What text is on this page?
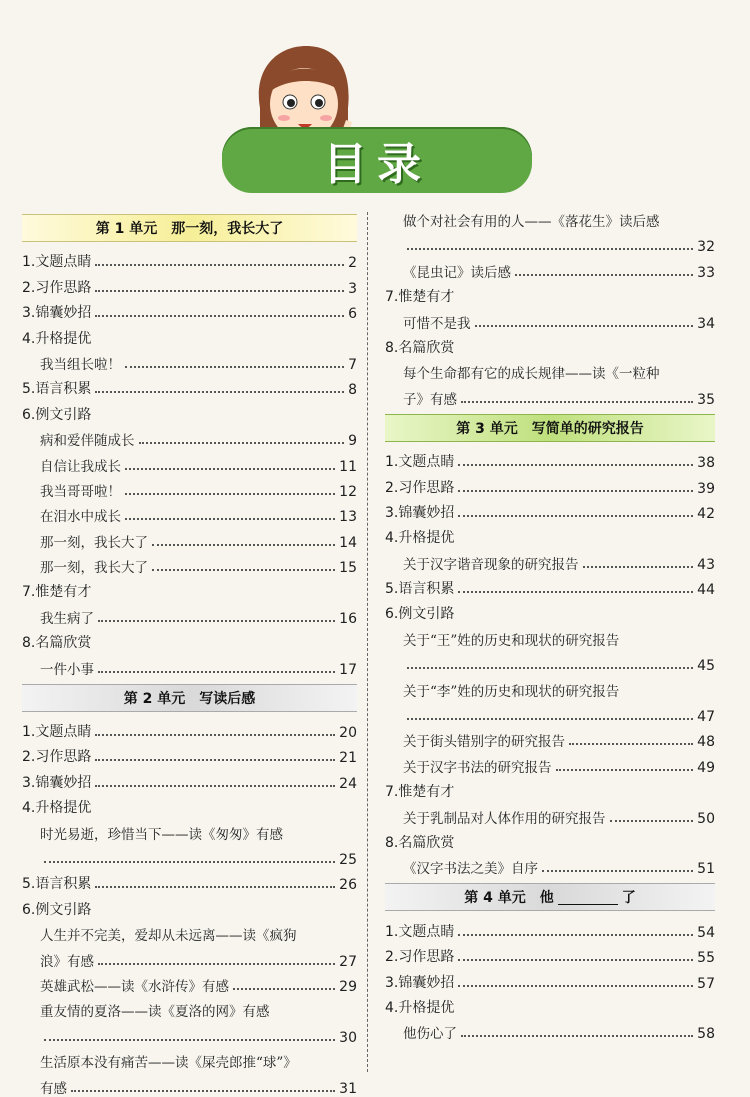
目录
第 1 单元　那一刻，我长大了
1.文题点睛	2
2.习作思路	3
3.锦囊妙招	6
4.升格提优
我当组长啦！	7
5.语言积累	8
6.例文引路
病和爱伴随成长	9
自信让我成长	11
我当哥哥啦！	12
在泪水中成长	13
那一刻，我长大了	14
那一刻，我长大了	15
7.惟楚有才
我生病了	16
8.名篇欣赏
一件小事	17
第 2 单元　写读后感
1.文题点睛	20
2.习作思路	21
3.锦囊妙招	24
4.升格提优
时光易逝，珍惜当下——读《匆匆》有感
25
5.语言积累	26
6.例文引路
人生并不完美，爱却从未远离——读《疯狗
浪》有感	27
英雄武松——读《水浒传》有感	29
重友情的夏洛——读《夏洛的网》有感
30
生活原本没有痛苦——读《屎壳郎推“球”》
有感	31
做个对社会有用的人——《落花生》读后感
32
《昆虫记》读后感	33
7.惟楚有才
可惜不是我	34
8.名篇欣赏
每个生命都有它的成长规律——读《一粒种
子》有感	35
第 3 单元　写简单的研究报告
1.文题点睛	38
2.习作思路	39
3.锦囊妙招	42
4.升格提优
关于汉字谐音现象的研究报告	43
5.语言积累	44
6.例文引路
关于“王”姓的历史和现状的研究报告
45
关于“李”姓的历史和现状的研究报告
47
关于街头错别字的研究报告	48
关于汉字书法的研究报告	49
7.惟楚有才
关于乳制品对人体作用的研究报告	50
8.名篇欣赏
《汉字书法之美》自序	51
第 4 单元　他	了
1.文题点睛	54
2.习作思路	55
3.锦囊妙招	57
4.升格提优
他伤心了	58
